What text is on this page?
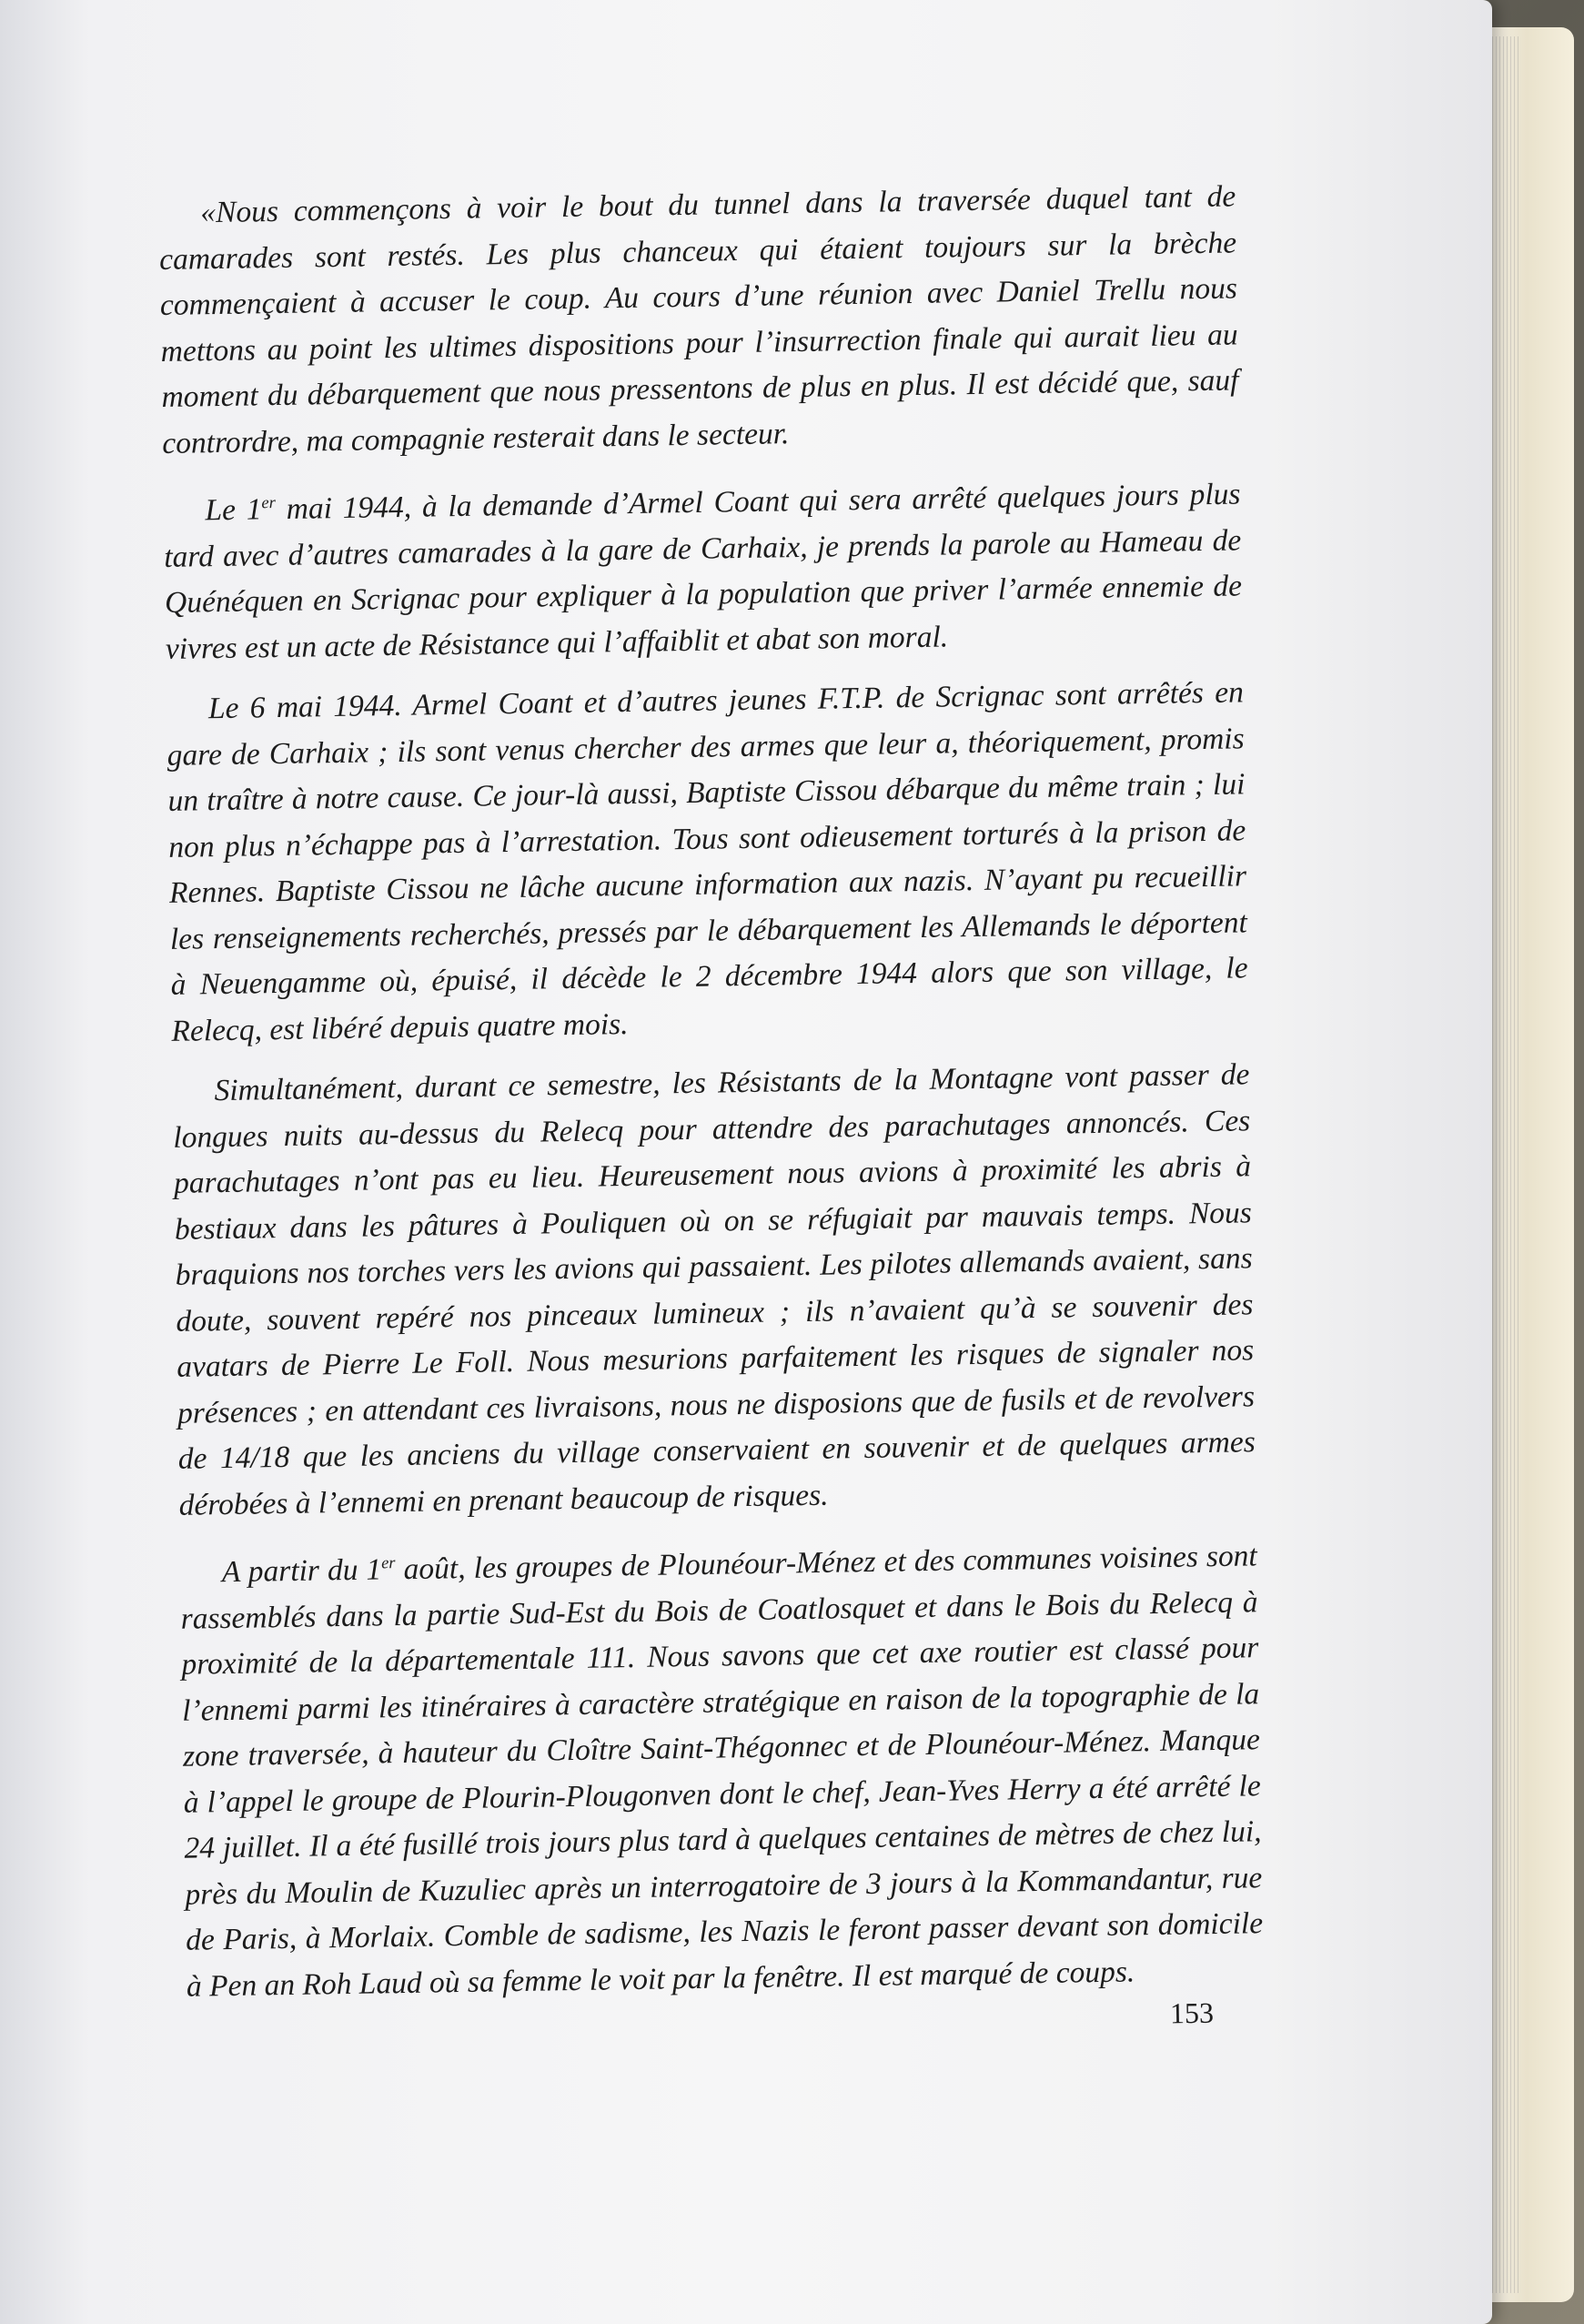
«Nous commençons à voir le bout du tunnel dans la traversée duquel tant de camarades sont restés. Les plus chanceux qui étaient toujours sur la brèche commençaient à accuser le coup. Au cours d’une réunion avec Daniel Trellu nous mettons au point les ultimes dispositions pour l’insurrection finale qui aurait lieu au moment du débarquement que nous pressentons de plus en plus. Il est décidé que, sauf contrordre, ma compagnie resterait dans le secteur.

Le 1er mai 1944, à la demande d’Armel Coant qui sera arrêté quelques jours plus tard avec d’autres camarades à la gare de Carhaix, je prends la parole au Hameau de Quénéquen en Scrignac pour expliquer à la population que priver l’armée ennemie de vivres est un acte de Résistance qui l’affaiblit et abat son moral.

Le 6 mai 1944. Armel Coant et d’autres jeunes F.T.P. de Scrignac sont arrêtés en gare de Carhaix ; ils sont venus chercher des armes que leur a, théoriquement, promis un traître à notre cause. Ce jour-là aussi, Baptiste Cissou débarque du même train ; lui non plus n’échappe pas à l’arrestation. Tous sont odieusement torturés à la prison de Rennes. Baptiste Cissou ne lâche aucune information aux nazis. N’ayant pu recueillir les renseignements recherchés, pressés par le débarquement les Allemands le déportent à Neuengamme où, épuisé, il décède le 2 décembre 1944 alors que son village, le Relecq, est libéré depuis quatre mois.

Simultanément, durant ce semestre, les Résistants de la Montagne vont passer de longues nuits au-dessus du Relecq pour attendre des parachutages annoncés. Ces parachutages n’ont pas eu lieu. Heureusement nous avions à proximité les abris à bestiaux dans les pâtures à Pouliquen où on se réfugiait par mauvais temps. Nous braquions nos torches vers les avions qui passaient. Les pilotes allemands avaient, sans doute, souvent repéré nos pinceaux lumineux ; ils n’avaient qu’à se souvenir des avatars de Pierre Le Foll. Nous mesurions parfaitement les risques de signaler nos présences ; en attendant ces livraisons, nous ne disposions que de fusils et de revolvers de 14/18 que les anciens du village conservaient en souvenir et de quelques armes dérobées à l’ennemi en prenant beaucoup de risques.

A partir du 1er août, les groupes de Plounéour-Ménez et des communes voisines sont rassemblés dans la partie Sud-Est du Bois de Coatlosquet et dans le Bois du Relecq à proximité de la départementale 111. Nous savons que cet axe routier est classé pour l’ennemi parmi les itinéraires à caractère stratégique en raison de la topographie de la zone traversée, à hauteur du Cloître Saint-Thégonnec et de Plounéour-Ménez. Manque à l’appel le groupe de Plourin-Plougonven dont le chef, Jean-Yves Herry a été arrêté le 24 juillet. Il a été fusillé trois jours plus tard à quelques centaines de mètres de chez lui, près du Moulin de Kuzuliec après un interrogatoire de 3 jours à la Kommandantur, rue de Paris, à Morlaix. Comble de sadisme, les Nazis le feront passer devant son domicile à Pen an Roh Laud où sa femme le voit par la fenêtre. Il est marqué de coups.

153
